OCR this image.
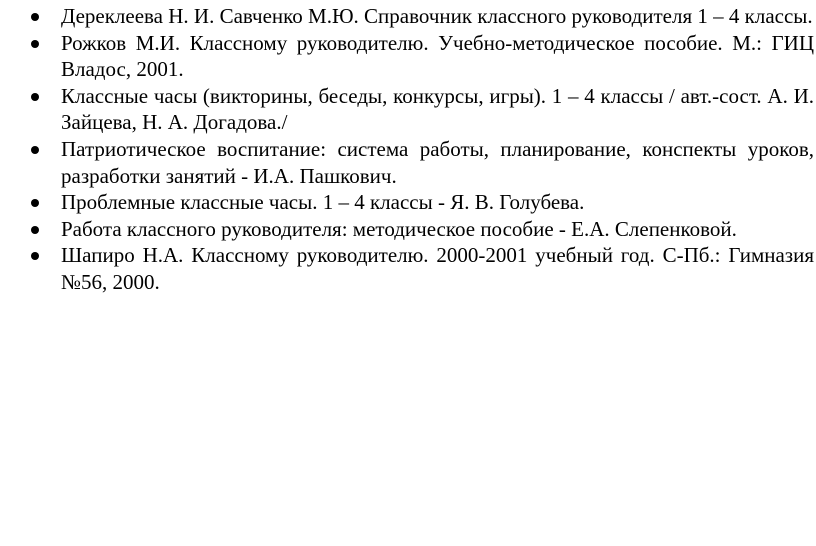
Дереклеева Н. И. Савченко М.Ю. Справочник классного руководителя 1 – 4 классы.
Рожков М.И. Классному руководителю. Учебно-методическое пособие. М.: ГИЦ Владос, 2001.
Классные часы (викторины, беседы, конкурсы, игры). 1 – 4 классы / авт.-сост. А. И. Зайцева, Н. А. Догадова./
Патриотическое воспитание: система работы, планирование, конспекты уроков, разработки занятий - И.А. Пашкович.
Проблемные классные часы. 1 – 4 классы - Я. В. Голубева.
Работа классного руководителя: методическое пособие - Е.А. Слепенковой.
Шапиро Н.А. Классному руководителю. 2000-2001 учебный год. С-Пб.: Гимназия №56, 2000.
